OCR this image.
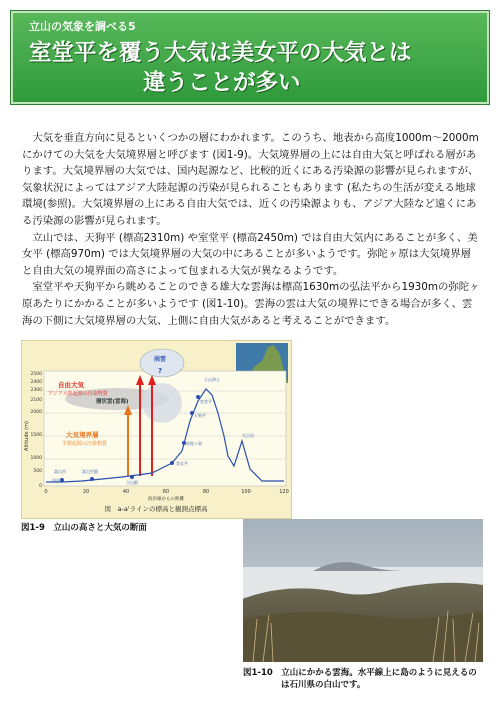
立山の気象を調べる5
室堂平を覆う大気は美女平の大気とは
違うことが多い

大気を垂直方向に見るといくつかの層にわかれます。このうち、地表から高度1000m〜2000mにかけての大気を大気境界層と呼びます (図1-9)。大気境界層の上には自由大気と呼ばれる層があります。大気境界層の大気では、国内起源など、比較的近くにある汚染源の影響が見られますが、気象状況によってはアジア大陸起源の汚染が見られることもあります (私たちの生活が変える地球環境(参照)。大気境界層の上にある自由大気では、近くの汚染源よりも、アジア大陸など遠くにある汚染源の影響が見られます。

立山では、天狗平 (標高2310m) や室堂平 (標高2450m) では自由大気内にあることが多く、美女平 (標高970m) では大気境界層の大気の中にあることが多いようです。弥陀ヶ原は大気境界層と自由大気の境界面の高さによって包まれる大気が異なるようです。

室堂平や天狗平から眺めることのできる雄大な雲海は標高1630mの弘法平から1930mの弥陀ヶ原あたりにかかることが多いようです (図1-10)。雲海の雲は大気の境界にできる場合が多く、雲海の下側に大気境界層の大気、上側に自由大気があると考えることができます。

2500
2400
2300
2100
2000
1500
1000
500
0
Altitude (m)
0	20	40	60	80	100	120
海岸線からの距離
立山浄土
室堂平
天狗平
弥陀ヶ原
美女平
富山市	富山空港
立山駅
大日岳
国見
自由大気
アジア大陸起源の汚染物質
層状雲(雲海)
大気境界層
平野起源の汚染物質
雨雲
?
図　a-a'ラインの標高と観測点標高
図1-9　立山の高さと大気の断面
図1-10　立山にかかる雲海。水平線上に島のように見えるの
は石川県の白山です。
